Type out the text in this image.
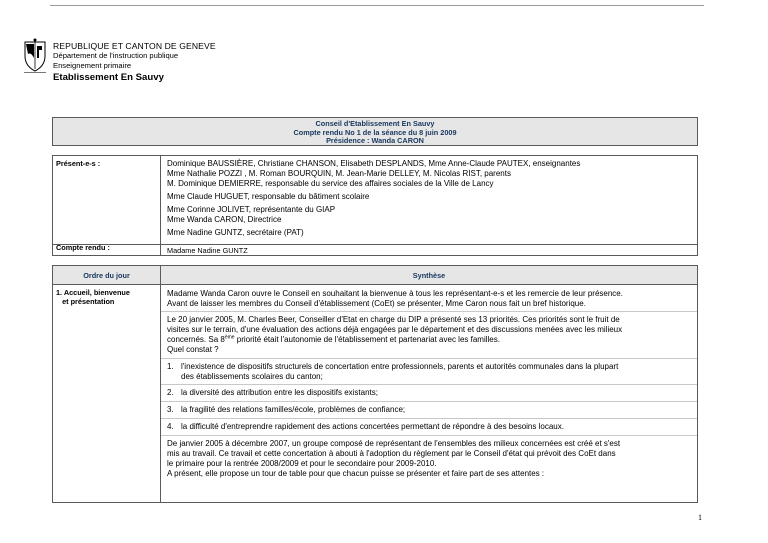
REPUBLIQUE ET CANTON DE GENEVE
Département de l'instruction publique
Enseignement primaire
Etablissement En Sauvy
Conseil d'Etablissement En Sauvy
Compte rendu No 1 de la séance du 8 juin 2009
Présidence : Wanda CARON
Présent-e-s :
Compte rendu :
Dominique BAUSSIÈRE, Christiane CHANSON, Elisabeth DESPLANDS, Mme Anne-Claude PAUTEX, enseignantes
Mme Nathalie POZZI , M. Roman BOURQUIN, M. Jean-Marie DELLEY, M. Nicolas RIST, parents
M. Dominique DEMIERRE, responsable du service des affaires sociales de la Ville de Lancy
Mme Claude HUGUET, responsable du bâtiment scolaire
Mme Corinne JOLIVET, représentante du GIAP
Mme Wanda CARON, Directrice
Mme Nadine GUNTZ, secrétaire (PAT)
Madame Nadine GUNTZ
Ordre du jour	Synthèse
1. Accueil, bienvenue
et présentation
Madame Wanda Caron ouvre le Conseil en souhaitant la bienvenue à tous les représentant-e-s et les remercie de leur présence.
Avant de laisser les membres du Conseil d'établissement (CoEt) se présenter, Mme Caron nous fait un bref historique.
Le 20 janvier 2005, M. Charles Beer, Conseiller d'Etat en charge du DIP a présenté ses 13 priorités. Ces priorités sont le fruit de
visites sur le terrain, d'une évaluation des actions déjà engagées par le département et des discussions menées avec les milieux
concernés. Sa 8ème priorité était l'autonomie de l'établissement et partenariat avec les familles.
Quel constat ?
1. l'inexistence de dispositifs structurels de concertation entre professionnels, parents et autorités communales dans la plupart
des établissements scolaires du canton;
2. la diversité des attribution entre les dispositifs existants;
3. la fragilité des relations familles/école, problèmes de confiance;
4. la difficulté d'entreprendre rapidement des actions concertées permettant de répondre à des besoins locaux.
De janvier 2005 à décembre 2007, un groupe composé de représentant de l'ensembles des milieux concernées est créé et s'est
mis au travail. Ce travail et cette concertation à abouti à l'adoption du règlement par le Conseil d'état qui prévoit des CoEt dans
le primaire pour la rentrée 2008/2009 et pour le secondaire pour 2009-2010.
A présent, elle propose un tour de table pour que chacun puisse se présenter et faire part de ses attentes :
1
